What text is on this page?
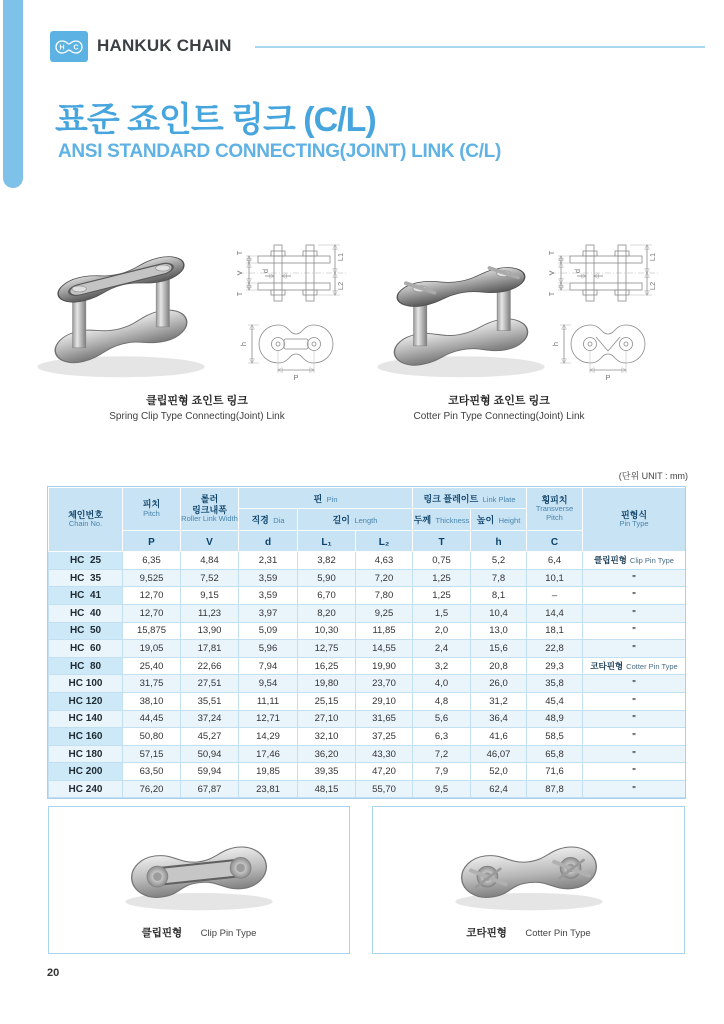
H C HANKUK CHAIN
표준 죠인트 링크 (C/L)
ANSI STANDARD CONNECTING(JOINT) LINK (C/L)
T
V
T
d
L1
L2
h
P
T
V
T
d
L1
L2
h
P
클립핀형 죠인트 링크
Spring Clip Type Connecting(Joint) Link
코타핀형 죠인트 링크
Cotter Pin Type Connecting(Joint) Link
(단위 UNIT : mm)
체인번호
Chain No.

피치
Pitch

롤러
링크내폭
Roller Link Width
	핀 Pin	링크 플레이트 Link Plate	횡피치
Transverse Pitch	핀형식
Pin Type

			직경 Dia	길이 Length		두께 Thickness	높이 Height		
	P	V	d	L₁	L₂	T	h	C	
HC  25	6,35	4,84	2,31	3,82	4,63	0,75	5,2	6,4	클립핀형 Clip Pin Type
HC  35	9,525	7,52	3,59	5,90	7,20	1,25	7,8	10,1	"
HC  41	12,70	9,15	3,59	6,70	7,80	1,25	8,1	–	"
HC  40	12,70	11,23	3,97	8,20	9,25	1,5	10,4	14,4	"
HC  50	15,875	13,90	5,09	10,30	11,85	2,0	13,0	18,1	"
HC  60	19,05	17,81	5,96	12,75	14,55	2,4	15,6	22,8	"
HC  80	25,40	22,66	7,94	16,25	19,90	3,2	20,8	29,3	코타핀형 Cotter Pin Type
HC 100	31,75	27,51	9,54	19,80	23,70	4,0	26,0	35,8	"
HC 120	38,10	35,51	11,11	25,15	29,10	4,8	31,2	45,4	"
HC 140	44,45	37,24	12,71	27,10	31,65	5,6	36,4	48,9	"
HC 160	50,80	45,27	14,29	32,10	37,25	6,3	41,6	58,5	"
HC 180	57,15	50,94	17,46	36,20	43,30	7,2	46,07	65,8	"
HC 200	63,50	59,94	19,85	39,35	47,20	7,9	52,0	71,6	"
HC 240	76,20	67,87	23,81	48,15	55,70	9,5	62,4	87,8	"
클립핀형 Clip Pin Type	코타핀형 Cotter Pin Type
20
